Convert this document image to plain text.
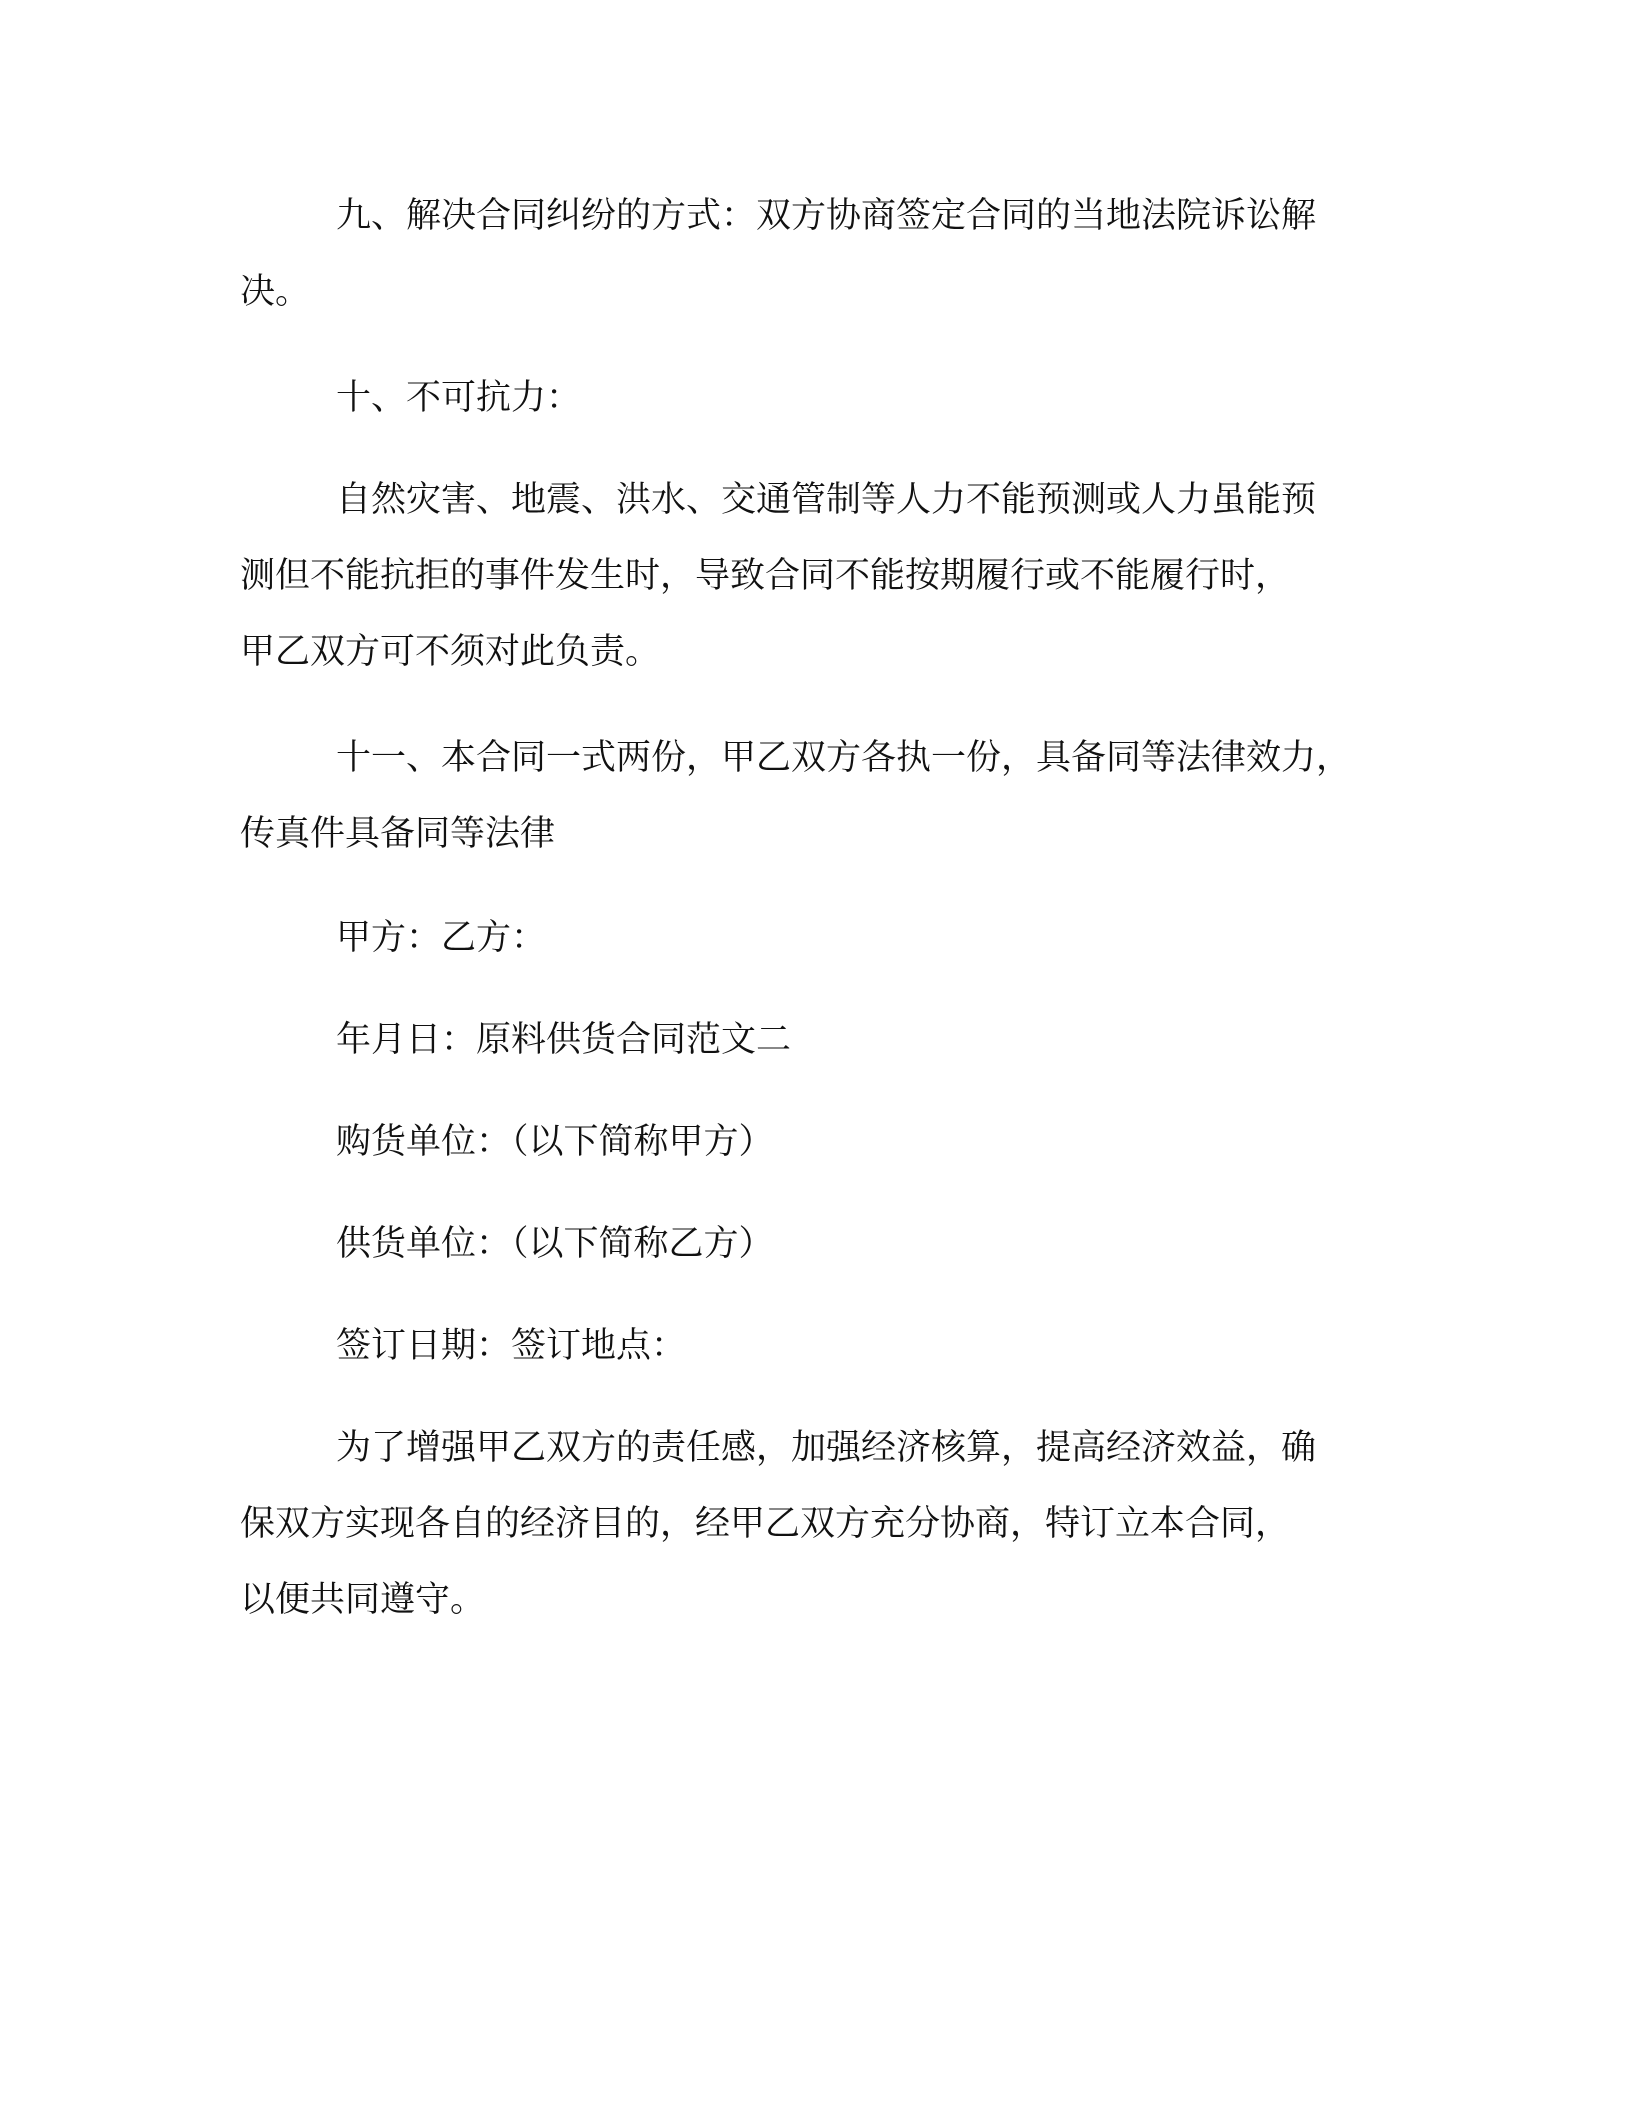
九、解决合同纠纷的方式：双方协商签定合同的当地法院诉讼解
决。

十、不可抗力：

自然灾害、地震、洪水、交通管制等人力不能预测或人力虽能预
测但不能抗拒的事件发生时，导致合同不能按期履行或不能履行时，
甲乙双方可不须对此负责。

十一、本合同一式两份，甲乙双方各执一份，具备同等法律效力，
传真件具备同等法律

甲方：乙方：

年月日：原料供货合同范文二

购货单位：（以下简称甲方）

供货单位：（以下简称乙方）

签订日期：签订地点：

为了增强甲乙双方的责任感，加强经济核算，提高经济效益，确
保双方实现各自的经济目的，经甲乙双方充分协商，特订立本合同，
以便共同遵守。
